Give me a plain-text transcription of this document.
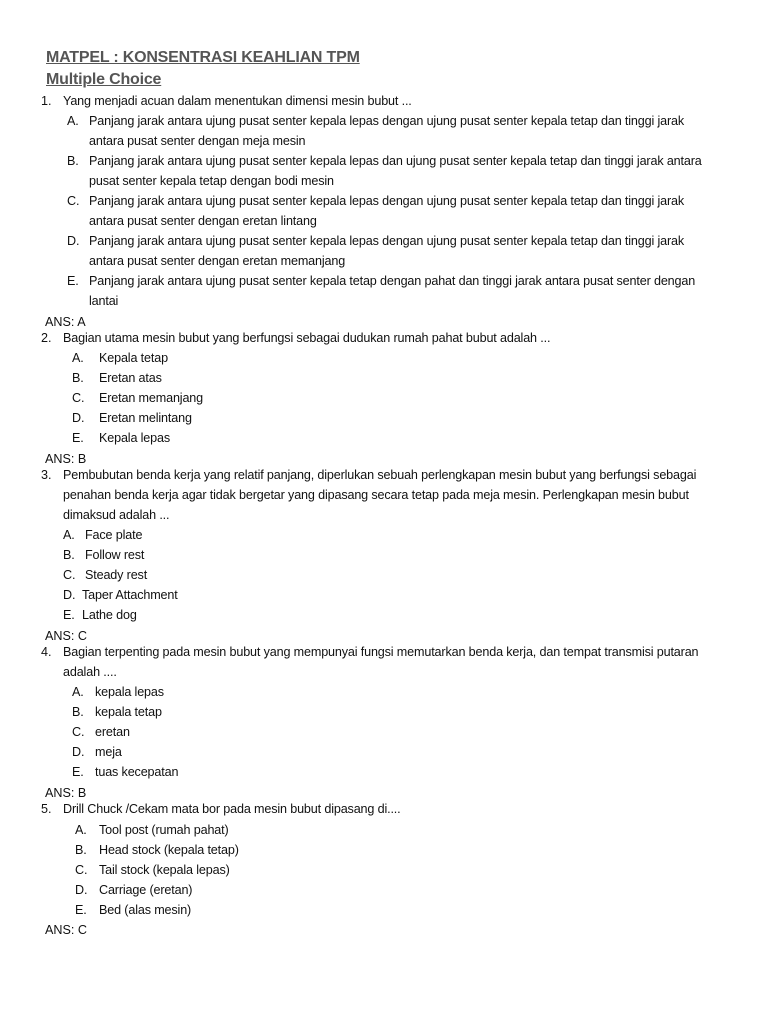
MATPEL : KONSENTRASI KEAHLIAN TPM
Multiple Choice
1. Yang menjadi acuan dalam menentukan dimensi mesin bubut ...
A. Panjang jarak antara ujung pusat senter kepala lepas dengan ujung pusat senter kepala tetap dan tinggi jarak
antara pusat senter dengan meja mesin
B. Panjang jarak antara ujung pusat senter kepala lepas dan ujung pusat senter kepala tetap dan tinggi jarak antara
pusat senter kepala tetap dengan bodi mesin
C. Panjang jarak antara ujung pusat senter kepala lepas dengan ujung pusat senter kepala tetap dan tinggi jarak
antara pusat senter dengan eretan lintang
D. Panjang jarak antara ujung pusat senter kepala lepas dengan ujung pusat senter kepala tetap dan tinggi jarak
antara pusat senter dengan eretan memanjang
E. Panjang jarak antara ujung pusat senter kepala tetap dengan pahat dan tinggi jarak antara pusat senter dengan
lantai
ANS: A
2. Bagian utama mesin bubut yang berfungsi sebagai dudukan rumah pahat bubut adalah ...
A. Kepala tetap
B. Eretan atas
C. Eretan memanjang
D. Eretan melintang
E. Kepala lepas
ANS: B
3. Pembubutan benda kerja yang relatif panjang, diperlukan sebuah perlengkapan mesin bubut yang berfungsi sebagai
penahan benda kerja agar tidak bergetar yang dipasang secara tetap pada meja mesin. Perlengkapan mesin bubut
dimaksud adalah ...
A. Face plate
B. Follow rest
C. Steady rest
D. Taper Attachment
E. Lathe dog
ANS: C
4. Bagian terpenting pada mesin bubut yang mempunyai fungsi memutarkan benda kerja, dan tempat transmisi putaran
adalah ....
A. kepala lepas
B. kepala tetap
C. eretan
D. meja
E. tuas kecepatan
ANS: B
5. Drill Chuck /Cekam mata bor pada mesin bubut dipasang di....
A. Tool post (rumah pahat)
B. Head stock (kepala tetap)
C. Tail stock (kepala lepas)
D. Carriage (eretan)
E. Bed (alas mesin)
ANS: C
